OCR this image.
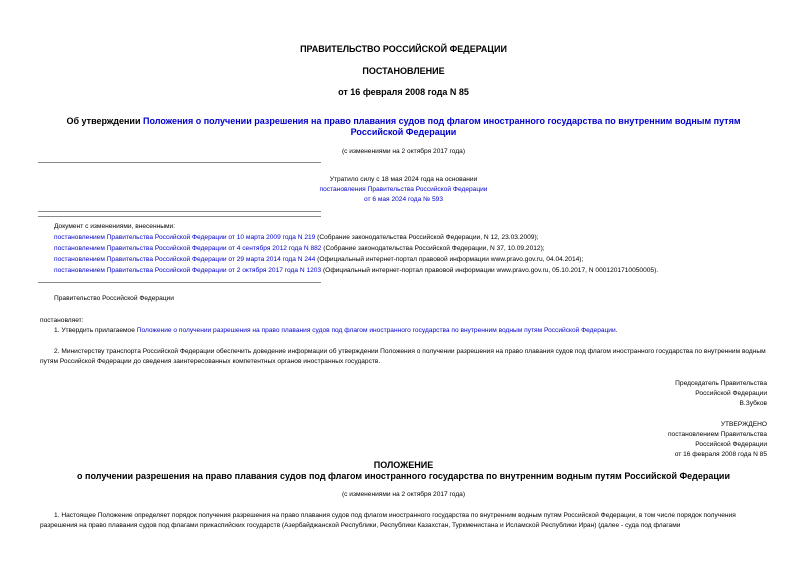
ПРАВИТЕЛЬСТВО РОССИЙСКОЙ ФЕДЕРАЦИИ
ПОСТАНОВЛЕНИЕ
от 16 февраля 2008 года N 85
Об утверждении Положения о получении разрешения на право плавания судов под флагом иностранного государства по внутренним водным путям Российской Федерации
(с изменениями на 2 октября 2017 года)
Утратило силу с 18 мая 2024 года на основании
постановления Правительства Российской Федерации
от 6 мая 2024 года № 593
Документ с изменениями, внесенными:
постановлением Правительства Российской Федерации от 10 марта 2009 года N 219 (Собрание законодательства Российской Федерации, N 12, 23.03.2009);
постановлением Правительства Российской Федерации от 4 сентября 2012 года N 882 (Собрание законодательства Российской Федерации, N 37, 10.09.2012);
постановлением Правительства Российской Федерации от 29 марта 2014 года N 244 (Официальный интернет-портал правовой информации www.pravo.gov.ru, 04.04.2014);
постановлением Правительства Российской Федерации от 2 октября 2017 года N 1203 (Официальный интернет-портал правовой информации www.pravo.gov.ru, 05.10.2017, N 0001201710050005).
Правительство Российской Федерации
постановляет:
1. Утвердить прилагаемое Положение о получении разрешения на право плавания судов под флагом иностранного государства по внутренним водным путям Российской Федерации.
2. Министерству транспорта Российской Федерации обеспечить доведение информации об утверждении Положения о получении разрешения на право плавания судов под флагом иностранного государства по внутренним водным путям Российской Федерации до сведения заинтересованных компетентных органов иностранных государств.
Председатель Правительства
Российской Федерации
В.Зубков
УТВЕРЖДЕНО
постановлением Правительства
Российской Федерации
от 16 февраля 2008 года N 85
ПОЛОЖЕНИЕ
о получении разрешения на право плавания судов под флагом иностранного государства по внутренним водным путям Российской Федерации
(с изменениями на 2 октября 2017 года)
1. Настоящее Положение определяет порядок получения разрешения на право плавания судов под флагом иностранного государства по внутренним водным путям Российской Федерации, в том числе порядок получения разрешения на право плавания судов под флагами прикаспийских государств (Азербайджанской Республики, Республики Казахстан, Туркменистана и Исламской Республики Иран) (далее - суда под флагами
